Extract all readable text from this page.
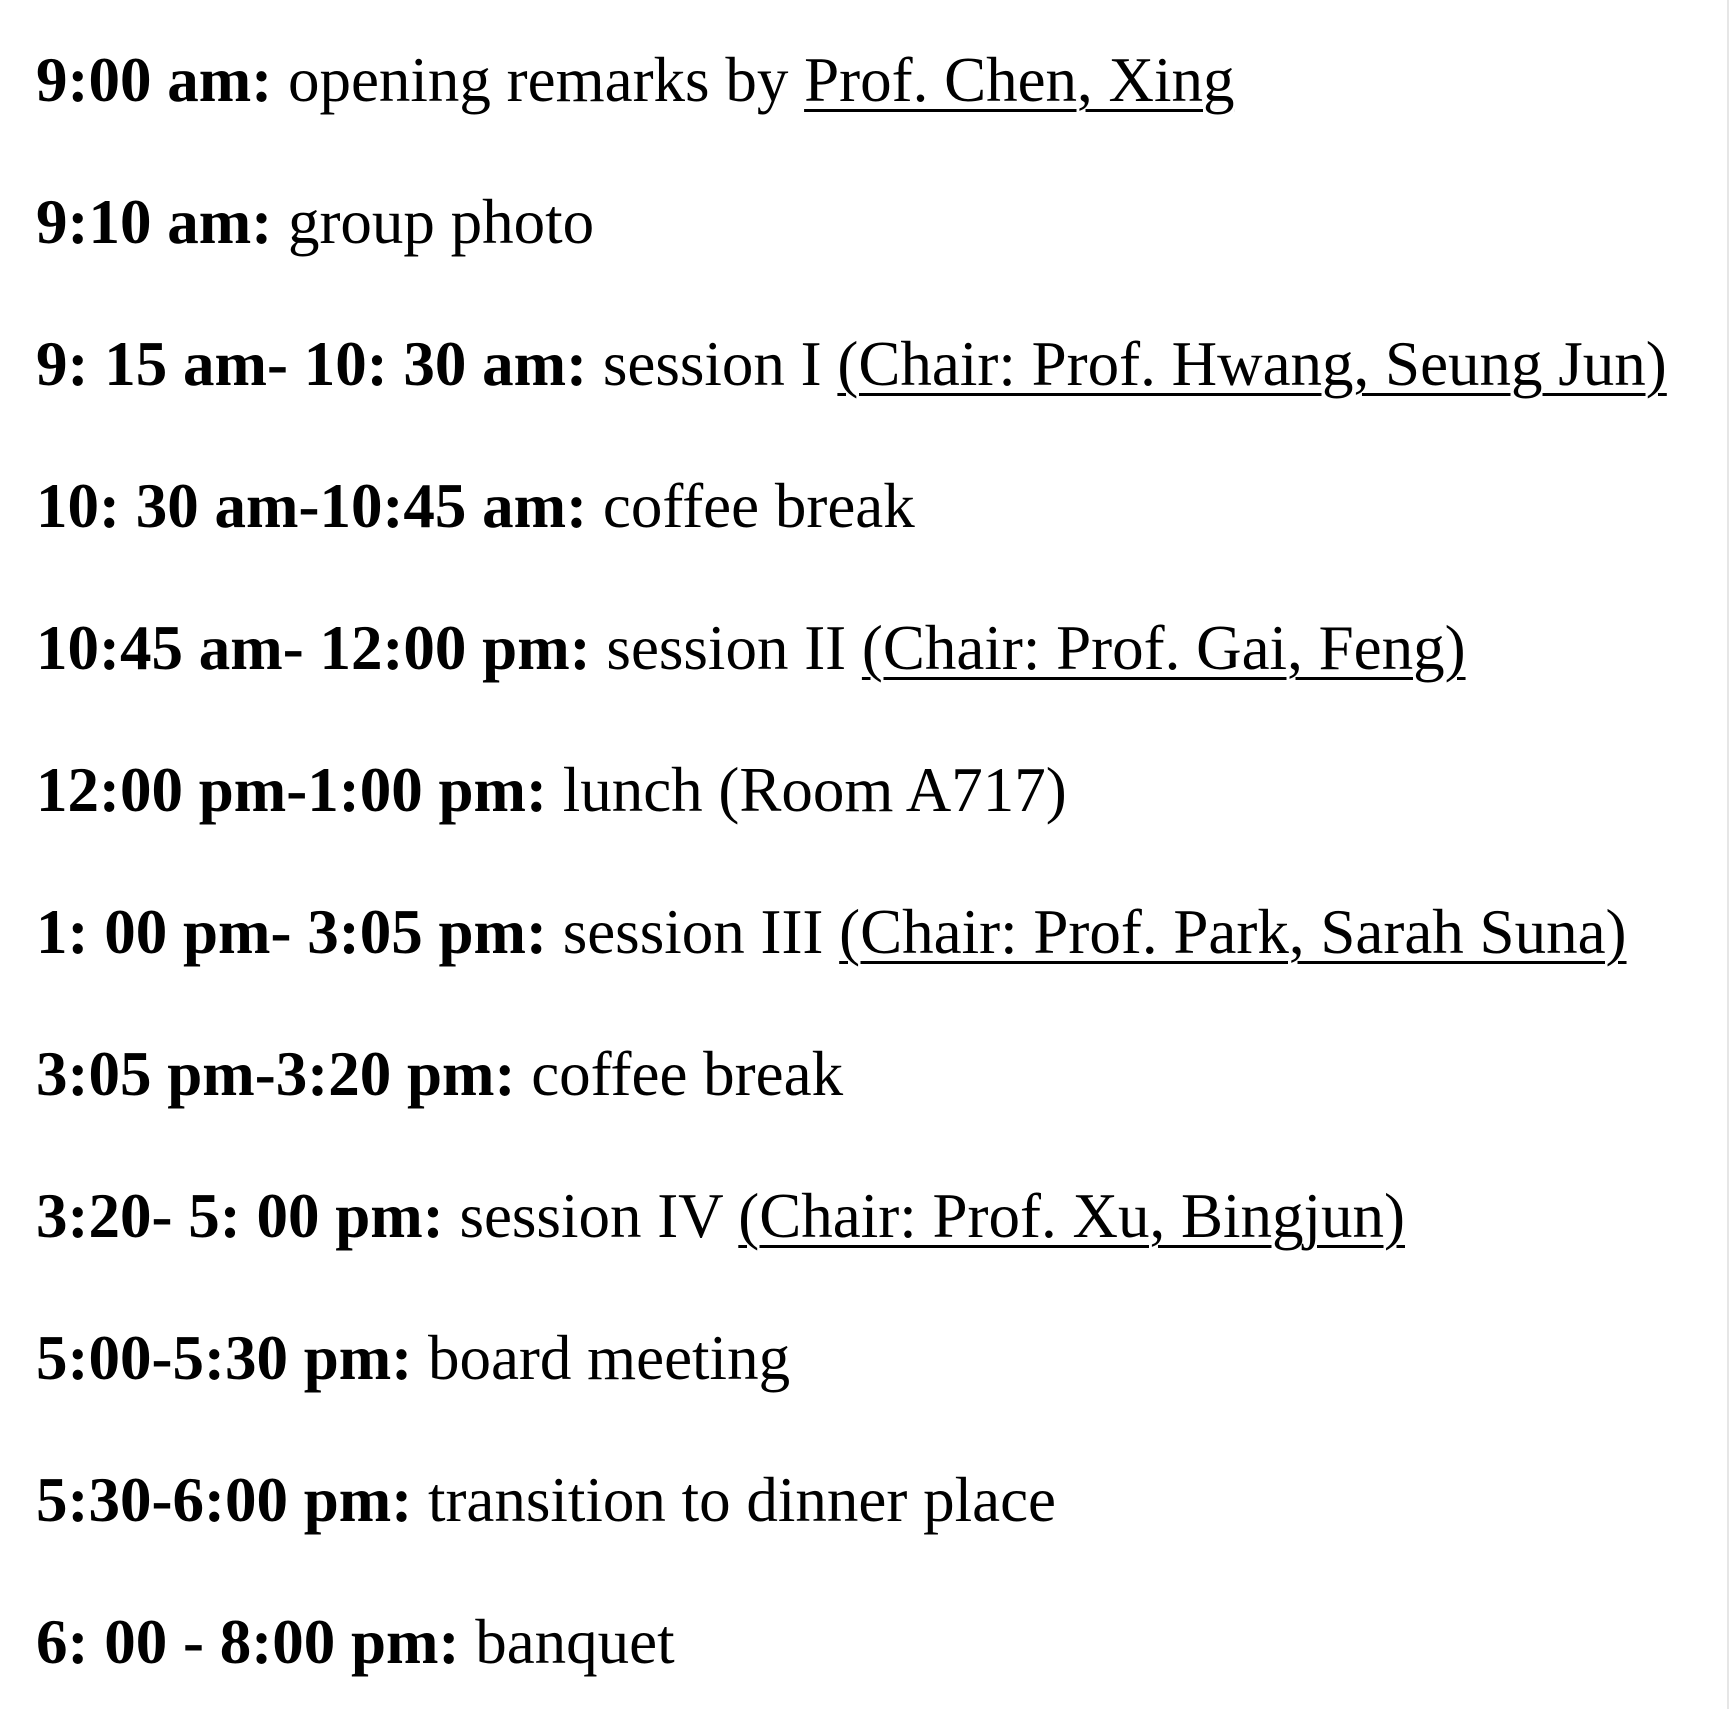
9:00 am: opening remarks by Prof. Chen, Xing
9:10 am: group photo
9: 15 am- 10: 30 am: session I (Chair: Prof. Hwang, Seung Jun)
10: 30 am-10:45 am: coffee break
10:45 am- 12:00 pm: session II (Chair: Prof. Gai, Feng)
12:00 pm-1:00 pm: lunch (Room A717)
1: 00 pm- 3:05 pm: session III (Chair: Prof. Park, Sarah Suna)
3:05 pm-3:20 pm: coffee break
3:20- 5: 00 pm: session IV (Chair: Prof. Xu, Bingjun)
5:00-5:30 pm: board meeting
5:30-6:00 pm: transition to dinner place
6: 00 - 8:00 pm: banquet
